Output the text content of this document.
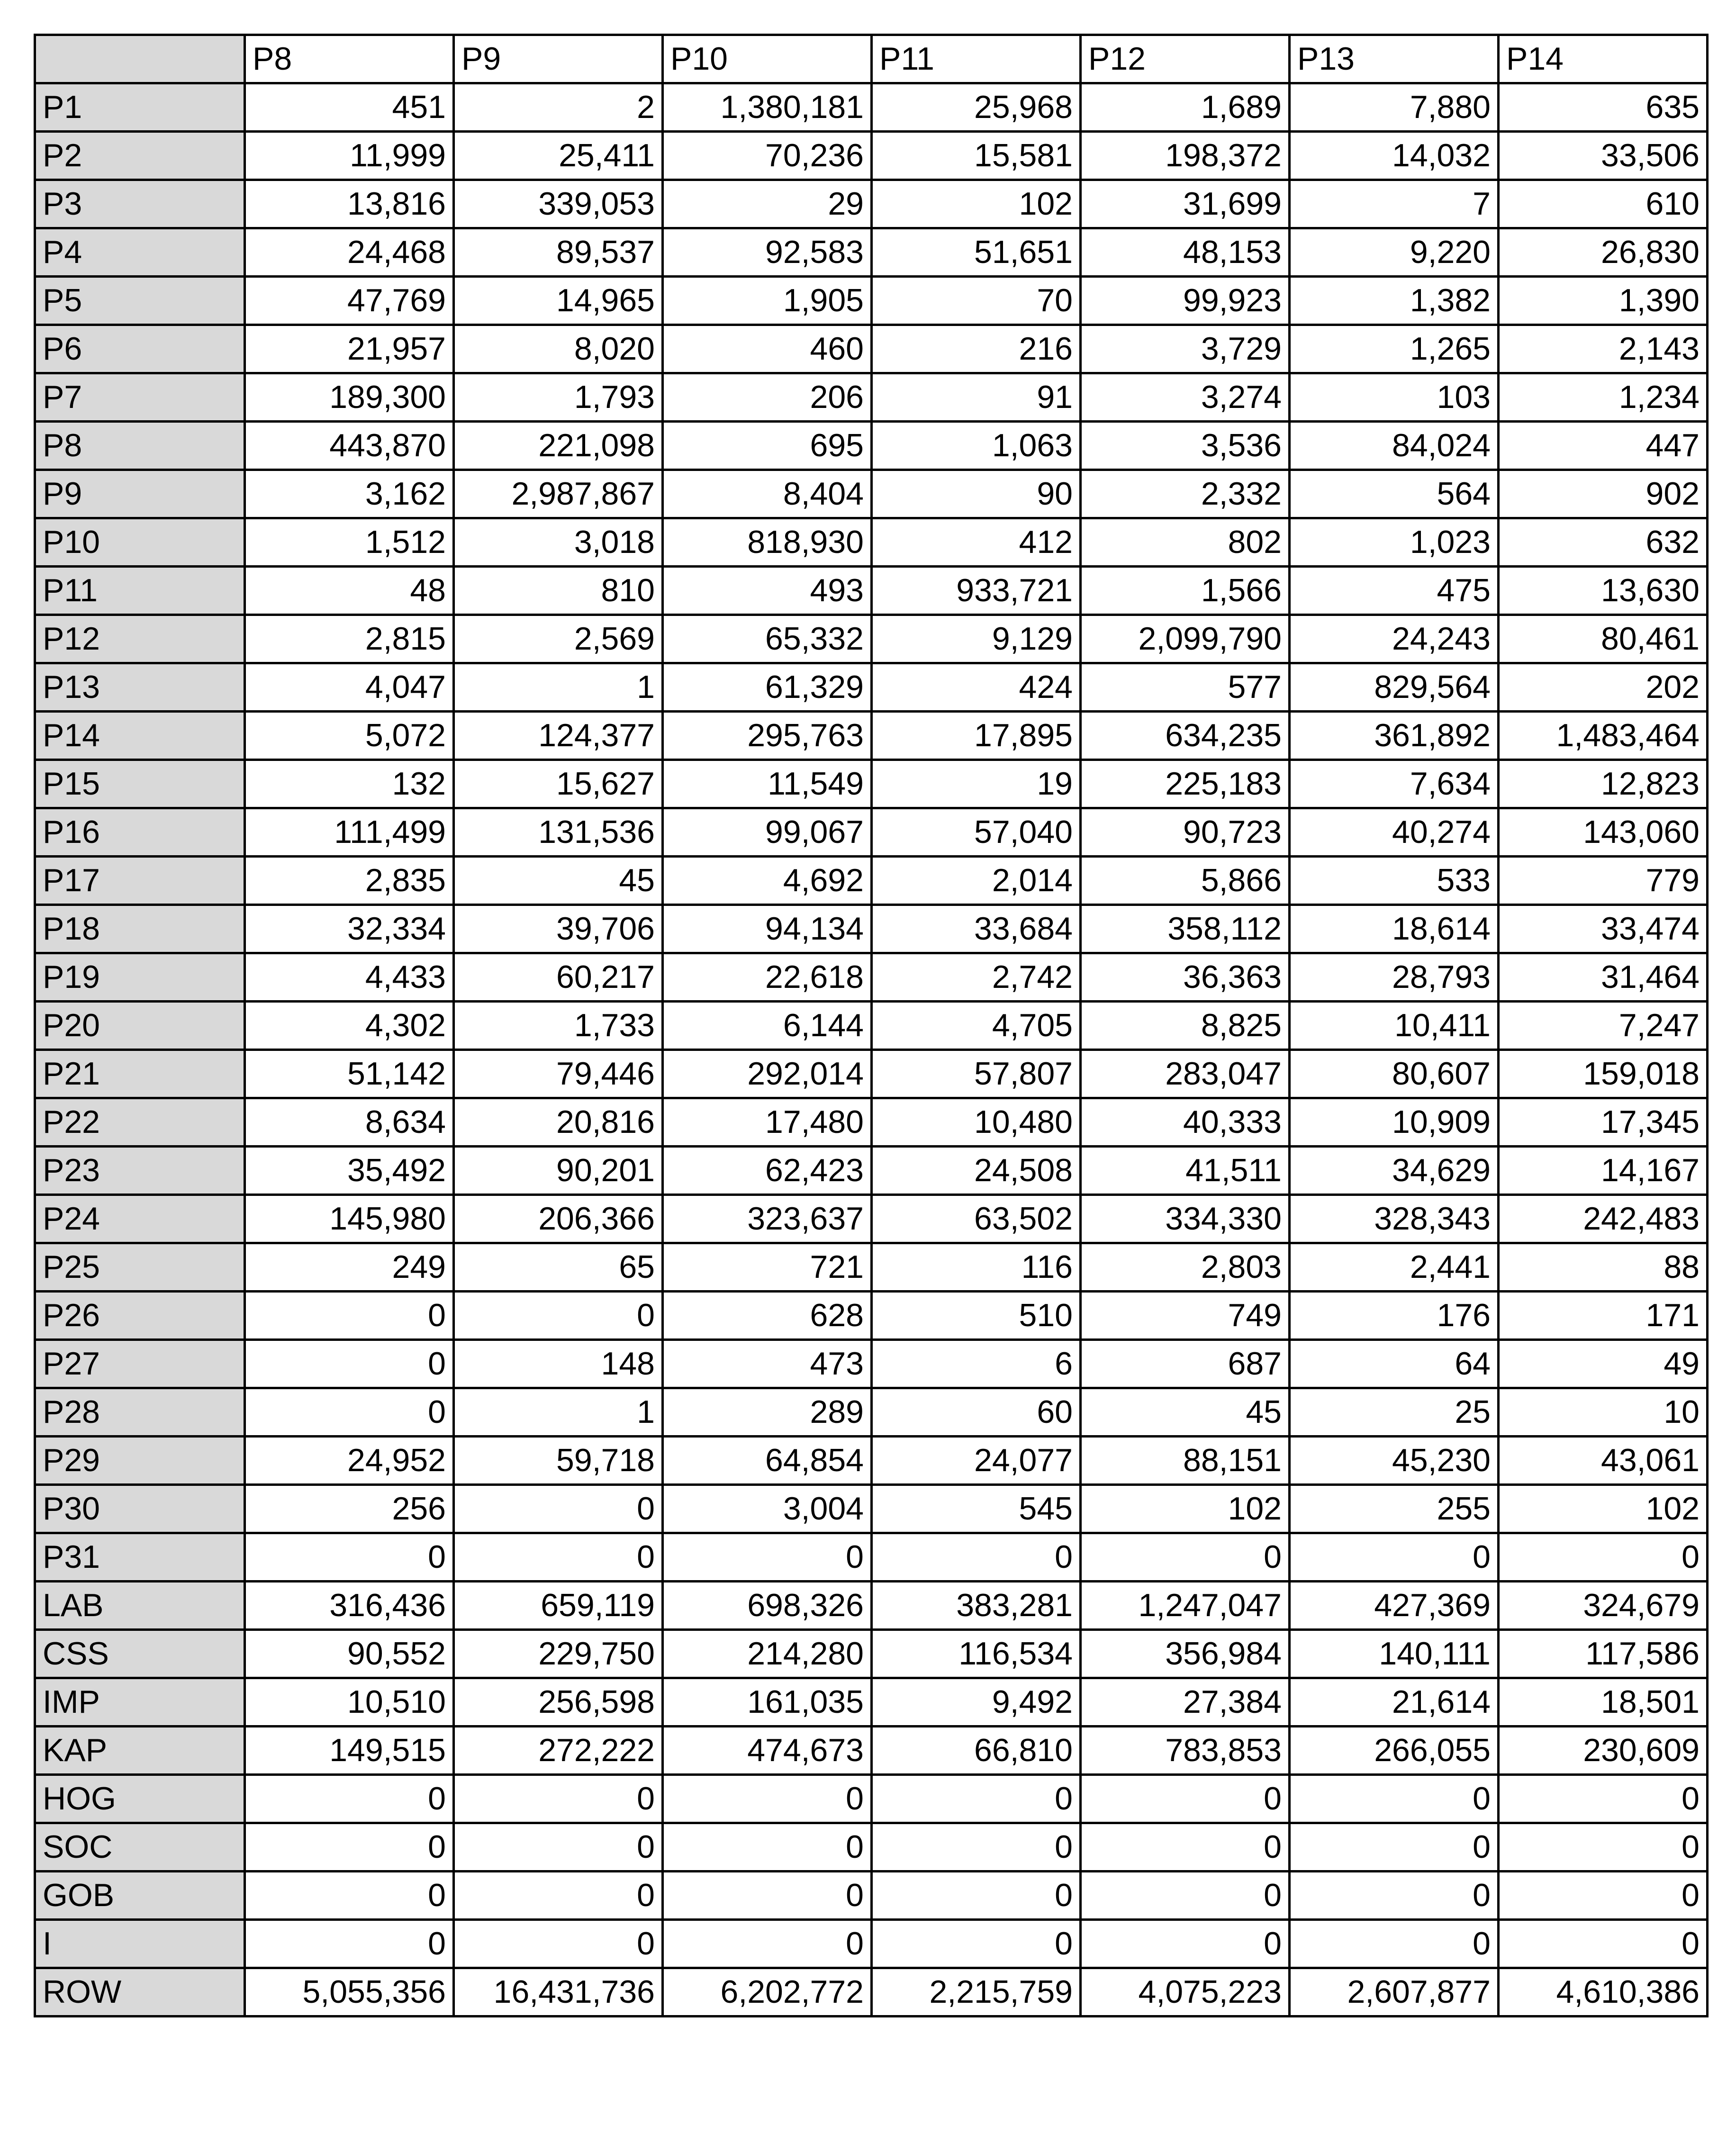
	P8	P9	P10	P11	P12	P13	P14
P1	451	2	1,380,181	25,968	1,689	7,880	635
P2	11,999	25,411	70,236	15,581	198,372	14,032	33,506
P3	13,816	339,053	29	102	31,699	7	610
P4	24,468	89,537	92,583	51,651	48,153	9,220	26,830
P5	47,769	14,965	1,905	70	99,923	1,382	1,390
P6	21,957	8,020	460	216	3,729	1,265	2,143
P7	189,300	1,793	206	91	3,274	103	1,234
P8	443,870	221,098	695	1,063	3,536	84,024	447
P9	3,162	2,987,867	8,404	90	2,332	564	902
P10	1,512	3,018	818,930	412	802	1,023	632
P11	48	810	493	933,721	1,566	475	13,630
P12	2,815	2,569	65,332	9,129	2,099,790	24,243	80,461
P13	4,047	1	61,329	424	577	829,564	202
P14	5,072	124,377	295,763	17,895	634,235	361,892	1,483,464
P15	132	15,627	11,549	19	225,183	7,634	12,823
P16	111,499	131,536	99,067	57,040	90,723	40,274	143,060
P17	2,835	45	4,692	2,014	5,866	533	779
P18	32,334	39,706	94,134	33,684	358,112	18,614	33,474
P19	4,433	60,217	22,618	2,742	36,363	28,793	31,464
P20	4,302	1,733	6,144	4,705	8,825	10,411	7,247
P21	51,142	79,446	292,014	57,807	283,047	80,607	159,018
P22	8,634	20,816	17,480	10,480	40,333	10,909	17,345
P23	35,492	90,201	62,423	24,508	41,511	34,629	14,167
P24	145,980	206,366	323,637	63,502	334,330	328,343	242,483
P25	249	65	721	116	2,803	2,441	88
P26	0	0	628	510	749	176	171
P27	0	148	473	6	687	64	49
P28	0	1	289	60	45	25	10
P29	24,952	59,718	64,854	24,077	88,151	45,230	43,061
P30	256	0	3,004	545	102	255	102
P31	0	0	0	0	0	0	0
LAB	316,436	659,119	698,326	383,281	1,247,047	427,369	324,679
CSS	90,552	229,750	214,280	116,534	356,984	140,111	117,586
IMP	10,510	256,598	161,035	9,492	27,384	21,614	18,501
KAP	149,515	272,222	474,673	66,810	783,853	266,055	230,609
HOG	0	0	0	0	0	0	0
SOC	0	0	0	0	0	0	0
GOB	0	0	0	0	0	0	0
I	0	0	0	0	0	0	0
ROW	5,055,356	16,431,736	6,202,772	2,215,759	4,075,223	2,607,877	4,610,386
